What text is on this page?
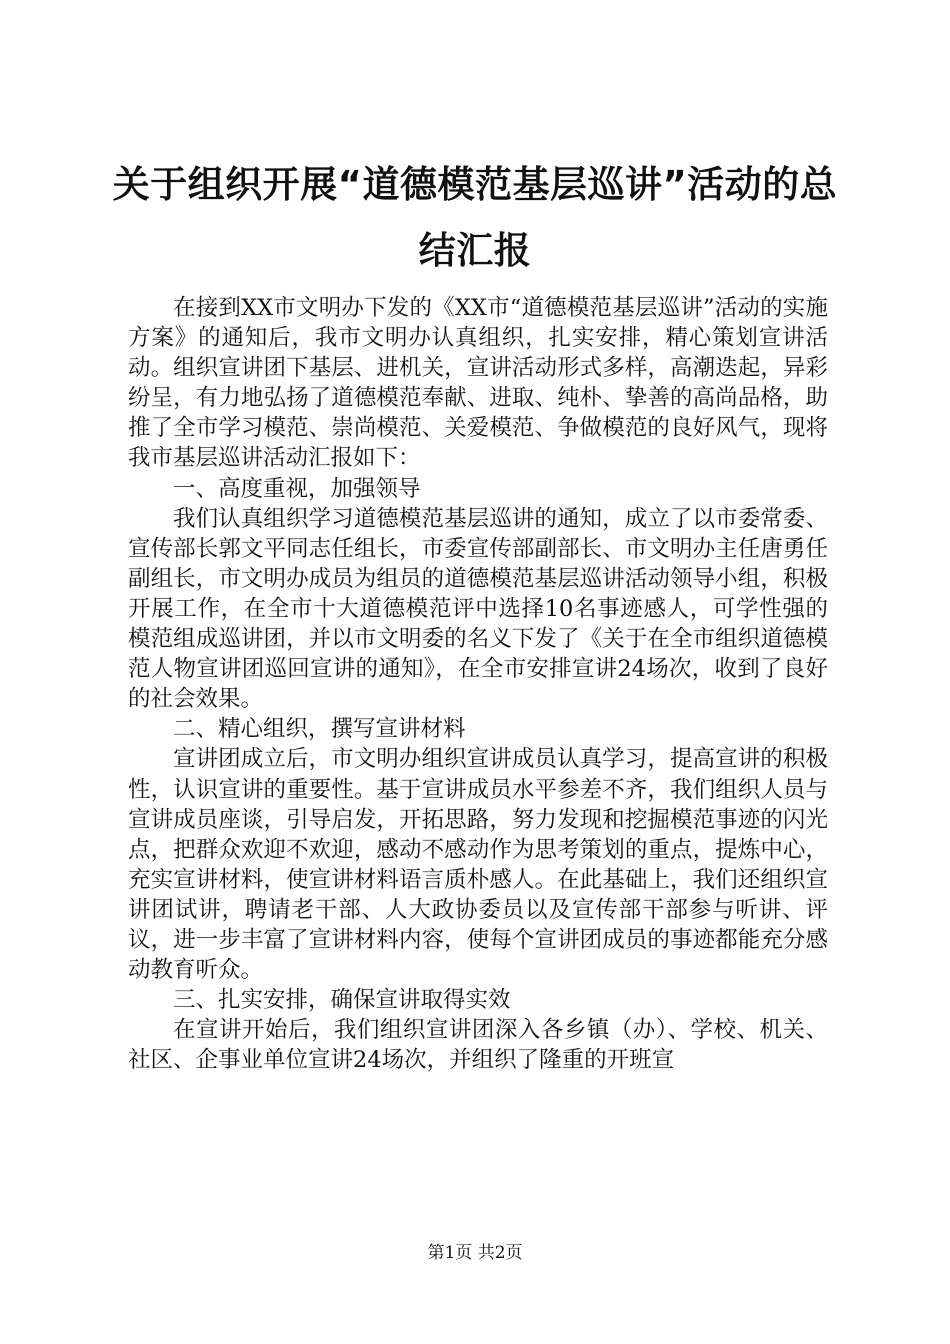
关于组织开展“道德模范基层巡讲”活动的总结汇报

在接到XX市文明办下发的《XX市“道德模范基层巡讲”活动的实施方案》的通知后，我市文明办认真组织，扎实安排，精心策划宣讲活动。组织宣讲团下基层、进机关，宣讲活动形式多样，高潮迭起，异彩纷呈，有力地弘扬了道德模范奉献、进取、纯朴、挚善的高尚品格，助推了全市学习模范、崇尚模范、关爱模范、争做模范的良好风气，现将我市基层巡讲活动汇报如下：

一、高度重视，加强领导

我们认真组织学习道德模范基层巡讲的通知，成立了以市委常委、宣传部长郭文平同志任组长，市委宣传部副部长、市文明办主任唐勇任副组长，市文明办成员为组员的道德模范基层巡讲活动领导小组，积极开展工作，在全市十大道德模范评中选择10名事迹感人，可学性强的模范组成巡讲团，并以市文明委的名义下发了《关于在全市组织道德模范人物宣讲团巡回宣讲的通知》，在全市安排宣讲24场次，收到了良好的社会效果。

二、精心组织，撰写宣讲材料

宣讲团成立后，市文明办组织宣讲成员认真学习，提高宣讲的积极性，认识宣讲的重要性。基于宣讲成员水平参差不齐，我们组织人员与宣讲成员座谈，引导启发，开拓思路，努力发现和挖掘模范事迹的闪光点，把群众欢迎不欢迎，感动不感动作为思考策划的重点，提炼中心，充实宣讲材料，使宣讲材料语言质朴感人。在此基础上，我们还组织宣讲团试讲，聘请老干部、人大政协委员以及宣传部干部参与听讲、评议，进一步丰富了宣讲材料内容，使每个宣讲团成员的事迹都能充分感动教育听众。

三、扎实安排，确保宣讲取得实效

在宣讲开始后，我们组织宣讲团深入各乡镇（办）、学校、机关、社区、企事业单位宣讲24场次，并组织了隆重的开班宣

第1页 共2页
